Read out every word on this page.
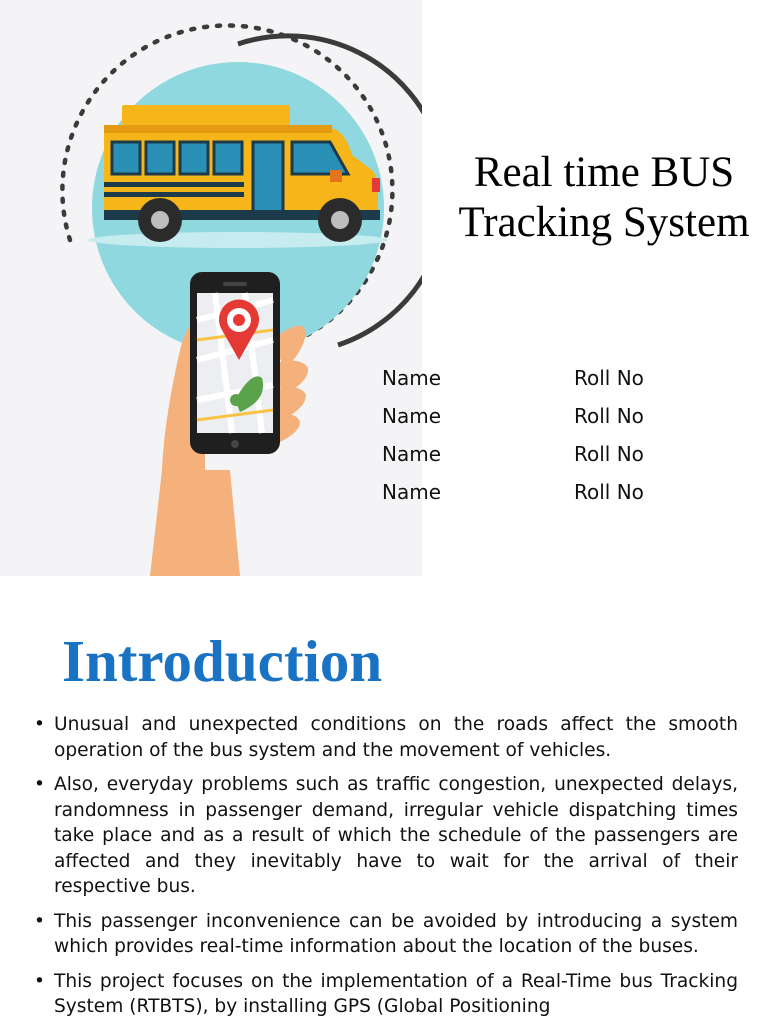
Real time BUS
Tracking System
Name	Roll No
Name	Roll No
Name	Roll No
Name	Roll No
Introduction
• Unusual and unexpected conditions on the roads affect the smooth operation of the bus system and the movement of vehicles.
• Also, everyday problems such as traffic congestion, unexpected delays, randomness in passenger demand, irregular vehicle dispatching times take place and as a result of which the schedule of the passengers are affected and they inevitably have to wait for the arrival of their respective bus.
• This passenger inconvenience can be avoided by introducing a system which provides real-time information about the location of the buses.
• This project focuses on the implementation of a Real-Time bus Tracking System (RTBTS), by installing GPS (Global Positioning
